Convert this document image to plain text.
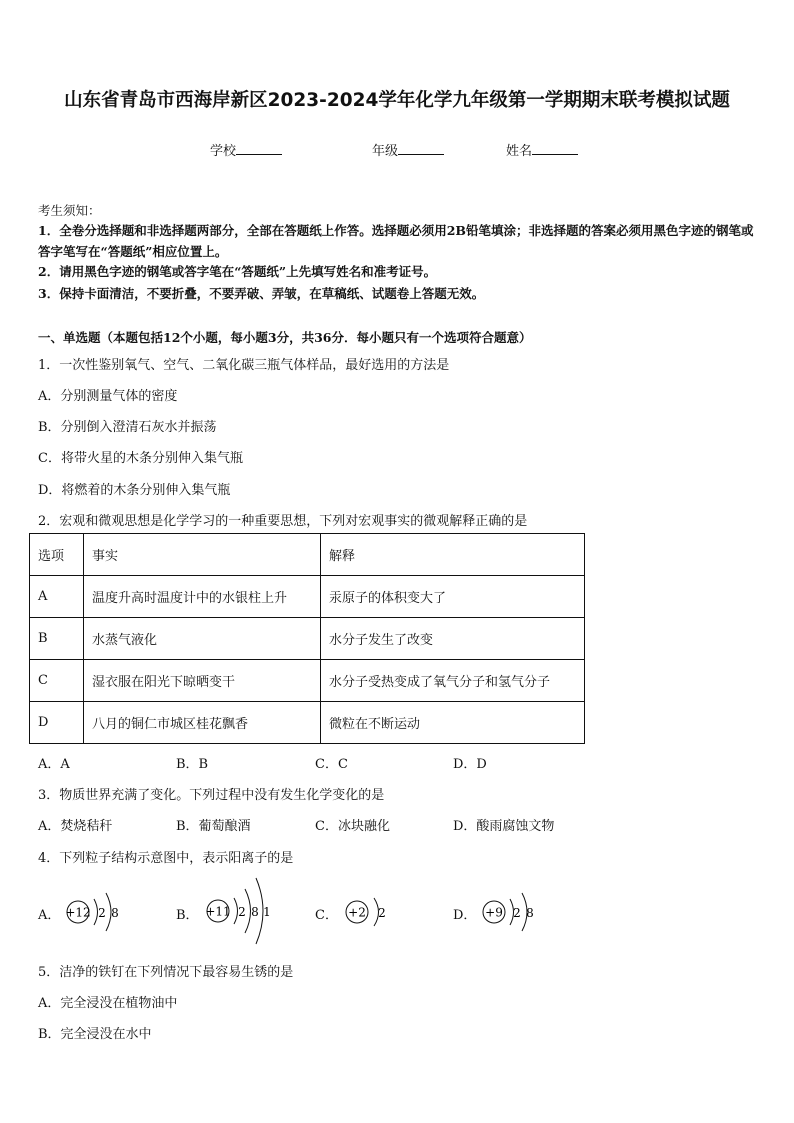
山东省青岛市西海岸新区2023-2024学年化学九年级第一学期期末联考模拟试题
学校	年级	姓名
考生须知：
1．全卷分选择题和非选择题两部分，全部在答题纸上作答。选择题必须用2B铅笔填涂；非选择题的答案必须用黑色字迹的钢笔或答字笔写在“答题纸”相应位置上。
2．请用黑色字迹的钢笔或答字笔在“答题纸”上先填写姓名和准考证号。
3．保持卡面清洁，不要折叠，不要弄破、弄皱，在草稿纸、试题卷上答题无效。
一、单选题（本题包括12个小题，每小题3分，共36分．每小题只有一个选项符合题意）
1．一次性鉴别氧气、空气、二氧化碳三瓶气体样品，最好选用的方法是
A．分别测量气体的密度
B．分别倒入澄清石灰水并振荡
C．将带火星的木条分别伸入集气瓶
D．将燃着的木条分别伸入集气瓶
2．宏观和微观思想是化学学习的一种重要思想，下列对宏观事实的微观解释正确的是
选项	事实	解释
A	温度升高时温度计中的水银柱上升	汞原子的体积变大了
B	水蒸气液化	水分子发生了改变
C	湿衣服在阳光下晾晒变干	水分子受热变成了氧气分子和氢气分子
D	八月的铜仁市城区桂花飘香	微粒在不断运动
A．A	B．B	C．C	D．D
3．物质世界充满了变化。下列过程中没有发生化学变化的是
A．焚烧秸秆	B．葡萄酿酒	C．冰块融化	D．酸雨腐蚀文物
4．下列粒子结构示意图中，表示阳离子的是
A． +12 2 8	B． +11 2 8 1	C． +2 2	D． +9 2 8
5．洁净的铁钉在下列情况下最容易生锈的是
A．完全浸没在植物油中
B．完全浸没在水中
